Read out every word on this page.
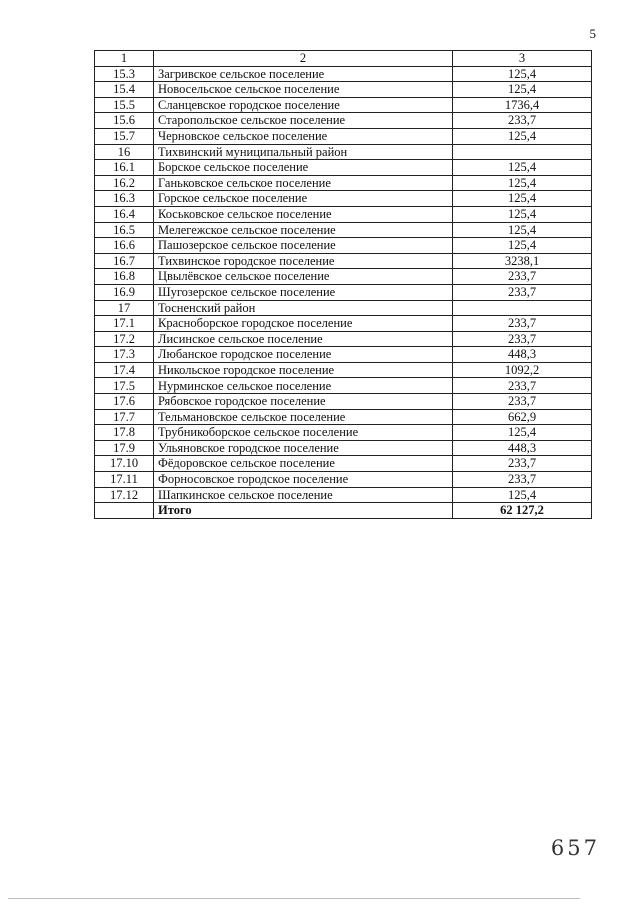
5
1	2	3
15.3	Загривское сельское поселение	125,4
15.4	Новосельское сельское поселение	125,4
15.5	Сланцевское городское поселение	1736,4
15.6	Старопольское сельское поселение	233,7
15.7	Черновское сельское поселение	125,4
16	Тихвинский муниципальный район	
16.1	Борское сельское поселение	125,4
16.2	Ганьковское сельское поселение	125,4
16.3	Горское сельское поселение	125,4
16.4	Коськовское сельское поселение	125,4
16.5	Мелегежское сельское поселение	125,4
16.6	Пашозерское сельское поселение	125,4
16.7	Тихвинское городское поселение	3238,1
16.8	Цвылёвское сельское поселение	233,7
16.9	Шугозерское сельское поселение	233,7
17	Тосненский район	
17.1	Красноборское городское поселение	233,7
17.2	Лисинское сельское поселение	233,7
17.3	Любанское городское поселение	448,3
17.4	Никольское городское поселение	1092,2
17.5	Нурминское сельское поселение	233,7
17.6	Рябовское городское поселение	233,7
17.7	Тельмановское сельское поселение	662,9
17.8	Трубникоборское сельское поселение	125,4
17.9	Ульяновское городское поселение	448,3
17.10	Фёдоровское сельское поселение	233,7
17.11	Форносовское городское поселение	233,7
17.12	Шапкинское сельское поселение	125,4
	Итого	62 127,2
657
